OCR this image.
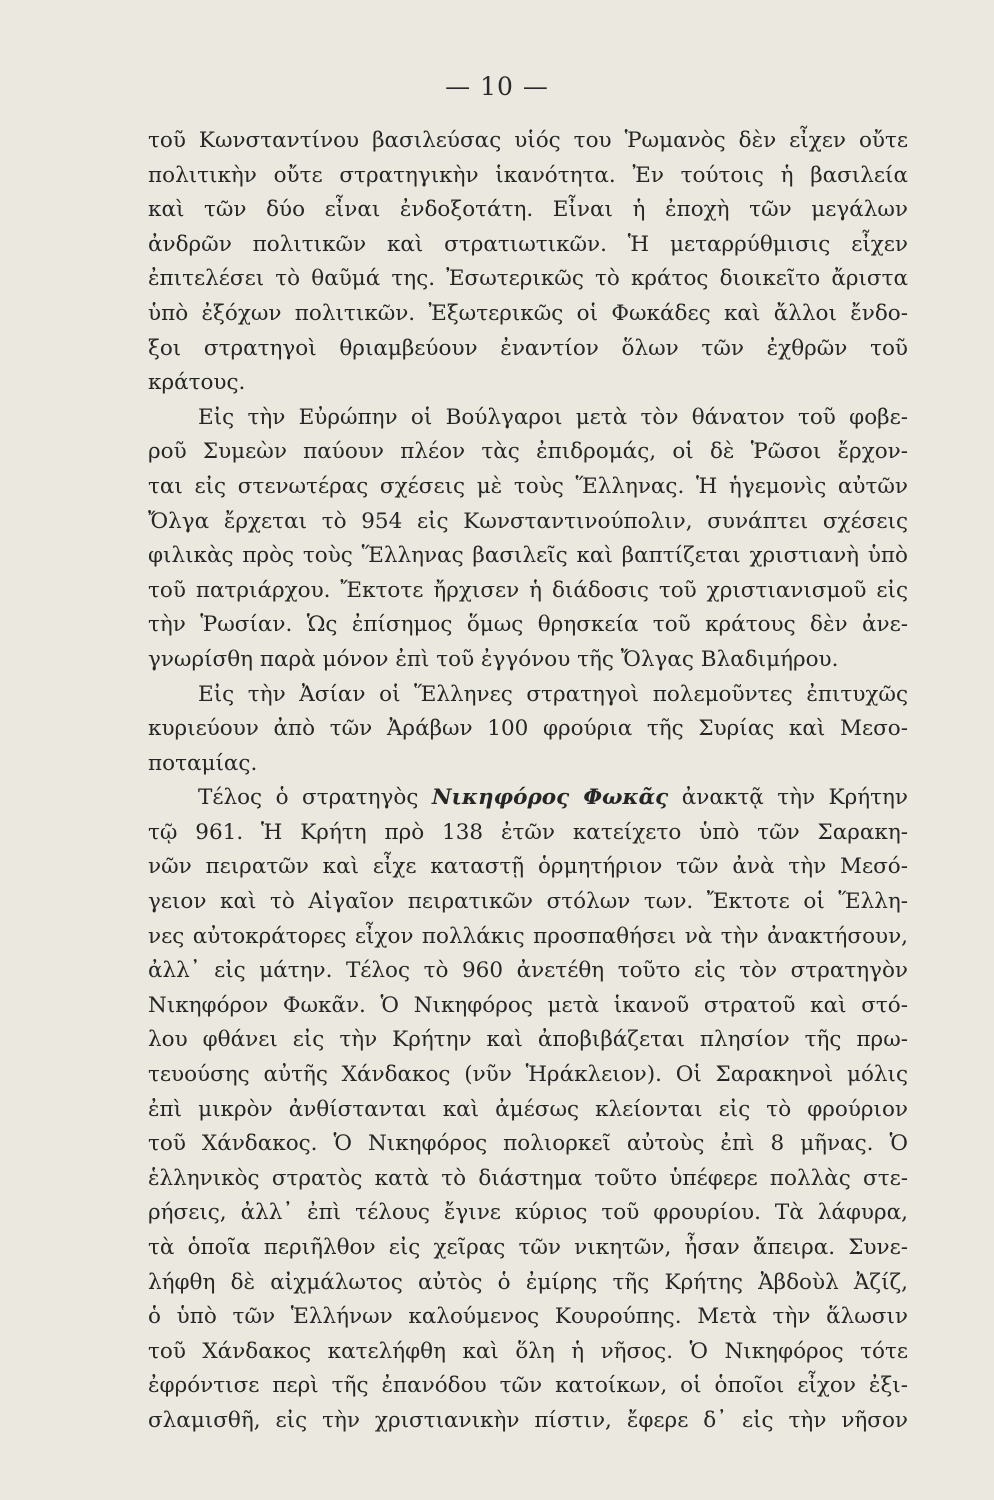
— 10 —
τοῦ Κωνσταντίνου βασιλεύσας υἱός του Ῥωμανὸς δὲν εἶχεν οὔτε
πολιτικὴν οὔτε στρατηγικὴν ἱκανότητα. Ἐν τούτοις ἡ βασιλεία
καὶ τῶν δύο εἶναι ἐνδοξοτάτη. Εἶναι ἡ ἐποχὴ τῶν μεγάλων
ἀνδρῶν πολιτικῶν καὶ στρατιωτικῶν. Ἡ μεταρρύθμισις εἶχεν
ἐπιτελέσει τὸ θαῦμά της. Ἐσωτερικῶς τὸ κράτος διοικεῖτο ἄριστα
ὑπὸ ἐξόχων πολιτικῶν. Ἐξωτερικῶς οἱ Φωκάδες καὶ ἄλλοι ἔνδο-
ξοι στρατηγοὶ θριαμβεύουν ἐναντίον ὅλων τῶν ἐχθρῶν τοῦ
κράτους.
Εἰς τὴν Εὐρώπην οἱ Βούλγαροι μετὰ τὸν θάνατον τοῦ φοβε-
ροῦ Συμεὼν παύουν πλέον τὰς ἐπιδρομάς, οἱ δὲ Ῥῶσοι ἔρχον-
ται εἰς στενωτέρας σχέσεις μὲ τοὺς Ἕλληνας. Ἡ ἡγεμονὶς αὐτῶν
Ὄλγα ἔρχεται τὸ 954 εἰς Κωνσταντινούπολιν, συνάπτει σχέσεις
φιλικὰς πρὸς τοὺς Ἕλληνας βασιλεῖς καὶ βαπτίζεται χριστιανὴ ὑπὸ
τοῦ πατριάρχου. Ἔκτοτε ἤρχισεν ἡ διάδοσις τοῦ χριστιανισμοῦ εἰς
τὴν Ῥωσίαν. Ὡς ἐπίσημος ὅμως θρησκεία τοῦ κράτους δὲν ἀνε-
γνωρίσθη παρὰ μόνον ἐπὶ τοῦ ἐγγόνου τῆς Ὄλγας Βλαδιμήρου.
Εἰς τὴν Ἀσίαν οἱ Ἕλληνες στρατηγοὶ πολεμοῦντες ἐπιτυχῶς
κυριεύουν ἀπὸ τῶν Ἀράβων 100 φρούρια τῆς Συρίας καὶ Μεσο-
ποταμίας.
Τέλος ὁ στρατηγὸς Νικηφόρος Φωκᾶς ἀνακτᾷ τὴν Κρήτην
τῷ 961. Ἡ Κρήτη πρὸ 138 ἐτῶν κατείχετο ὑπὸ τῶν Σαρακη-
νῶν πειρατῶν καὶ εἶχε καταστῇ ὁρμητήριον τῶν ἀνὰ τὴν Μεσό-
γειον καὶ τὸ Αἰγαῖον πειρατικῶν στόλων των. Ἔκτοτε οἱ Ἕλλη-
νες αὐτοκράτορες εἶχον πολλάκις προσπαθήσει νὰ τὴν ἀνακτήσουν,
ἀλλ᾽ εἰς μάτην. Τέλος τὸ 960 ἀνετέθη τοῦτο εἰς τὸν στρατηγὸν
Νικηφόρον Φωκᾶν. Ὁ Νικηφόρος μετὰ ἱκανοῦ στρατοῦ καὶ στό-
λου φθάνει εἰς τὴν Κρήτην καὶ ἀποβιβάζεται πλησίον τῆς πρω-
τευούσης αὐτῆς Χάνδακος (νῦν Ἡράκλειον). Οἱ Σαρακηνοὶ μόλις
ἐπὶ μικρὸν ἀνθίστανται καὶ ἀμέσως κλείονται εἰς τὸ φρούριον
τοῦ Χάνδακος. Ὁ Νικηφόρος πολιορκεῖ αὐτοὺς ἐπὶ 8 μῆνας. Ὁ
ἑλληνικὸς στρατὸς κατὰ τὸ διάστημα τοῦτο ὑπέφερε πολλὰς στε-
ρήσεις, ἀλλ᾽ ἐπὶ τέλους ἔγινε κύριος τοῦ φρουρίου. Τὰ λάφυρα,
τὰ ὁποῖα περιῆλθον εἰς χεῖρας τῶν νικητῶν, ἦσαν ἄπειρα. Συνε-
λήφθη δὲ αἰχμάλωτος αὐτὸς ὁ ἐμίρης τῆς Κρήτης Ἀβδοὺλ Ἀζίζ,
ὁ ὑπὸ τῶν Ἑλλήνων καλούμενος Κουρούπης. Μετὰ τὴν ἅλωσιν
τοῦ Χάνδακος κατελήφθη καὶ ὅλη ἡ νῆσος. Ὁ Νικηφόρος τότε
ἐφρόντισε περὶ τῆς ἐπανόδου τῶν κατοίκων, οἱ ὁποῖοι εἶχον ἐξι-
σλαμισθῆ, εἰς τὴν χριστιανικὴν πίστιν, ἔφερε δ᾽ εἰς τὴν νῆσον
